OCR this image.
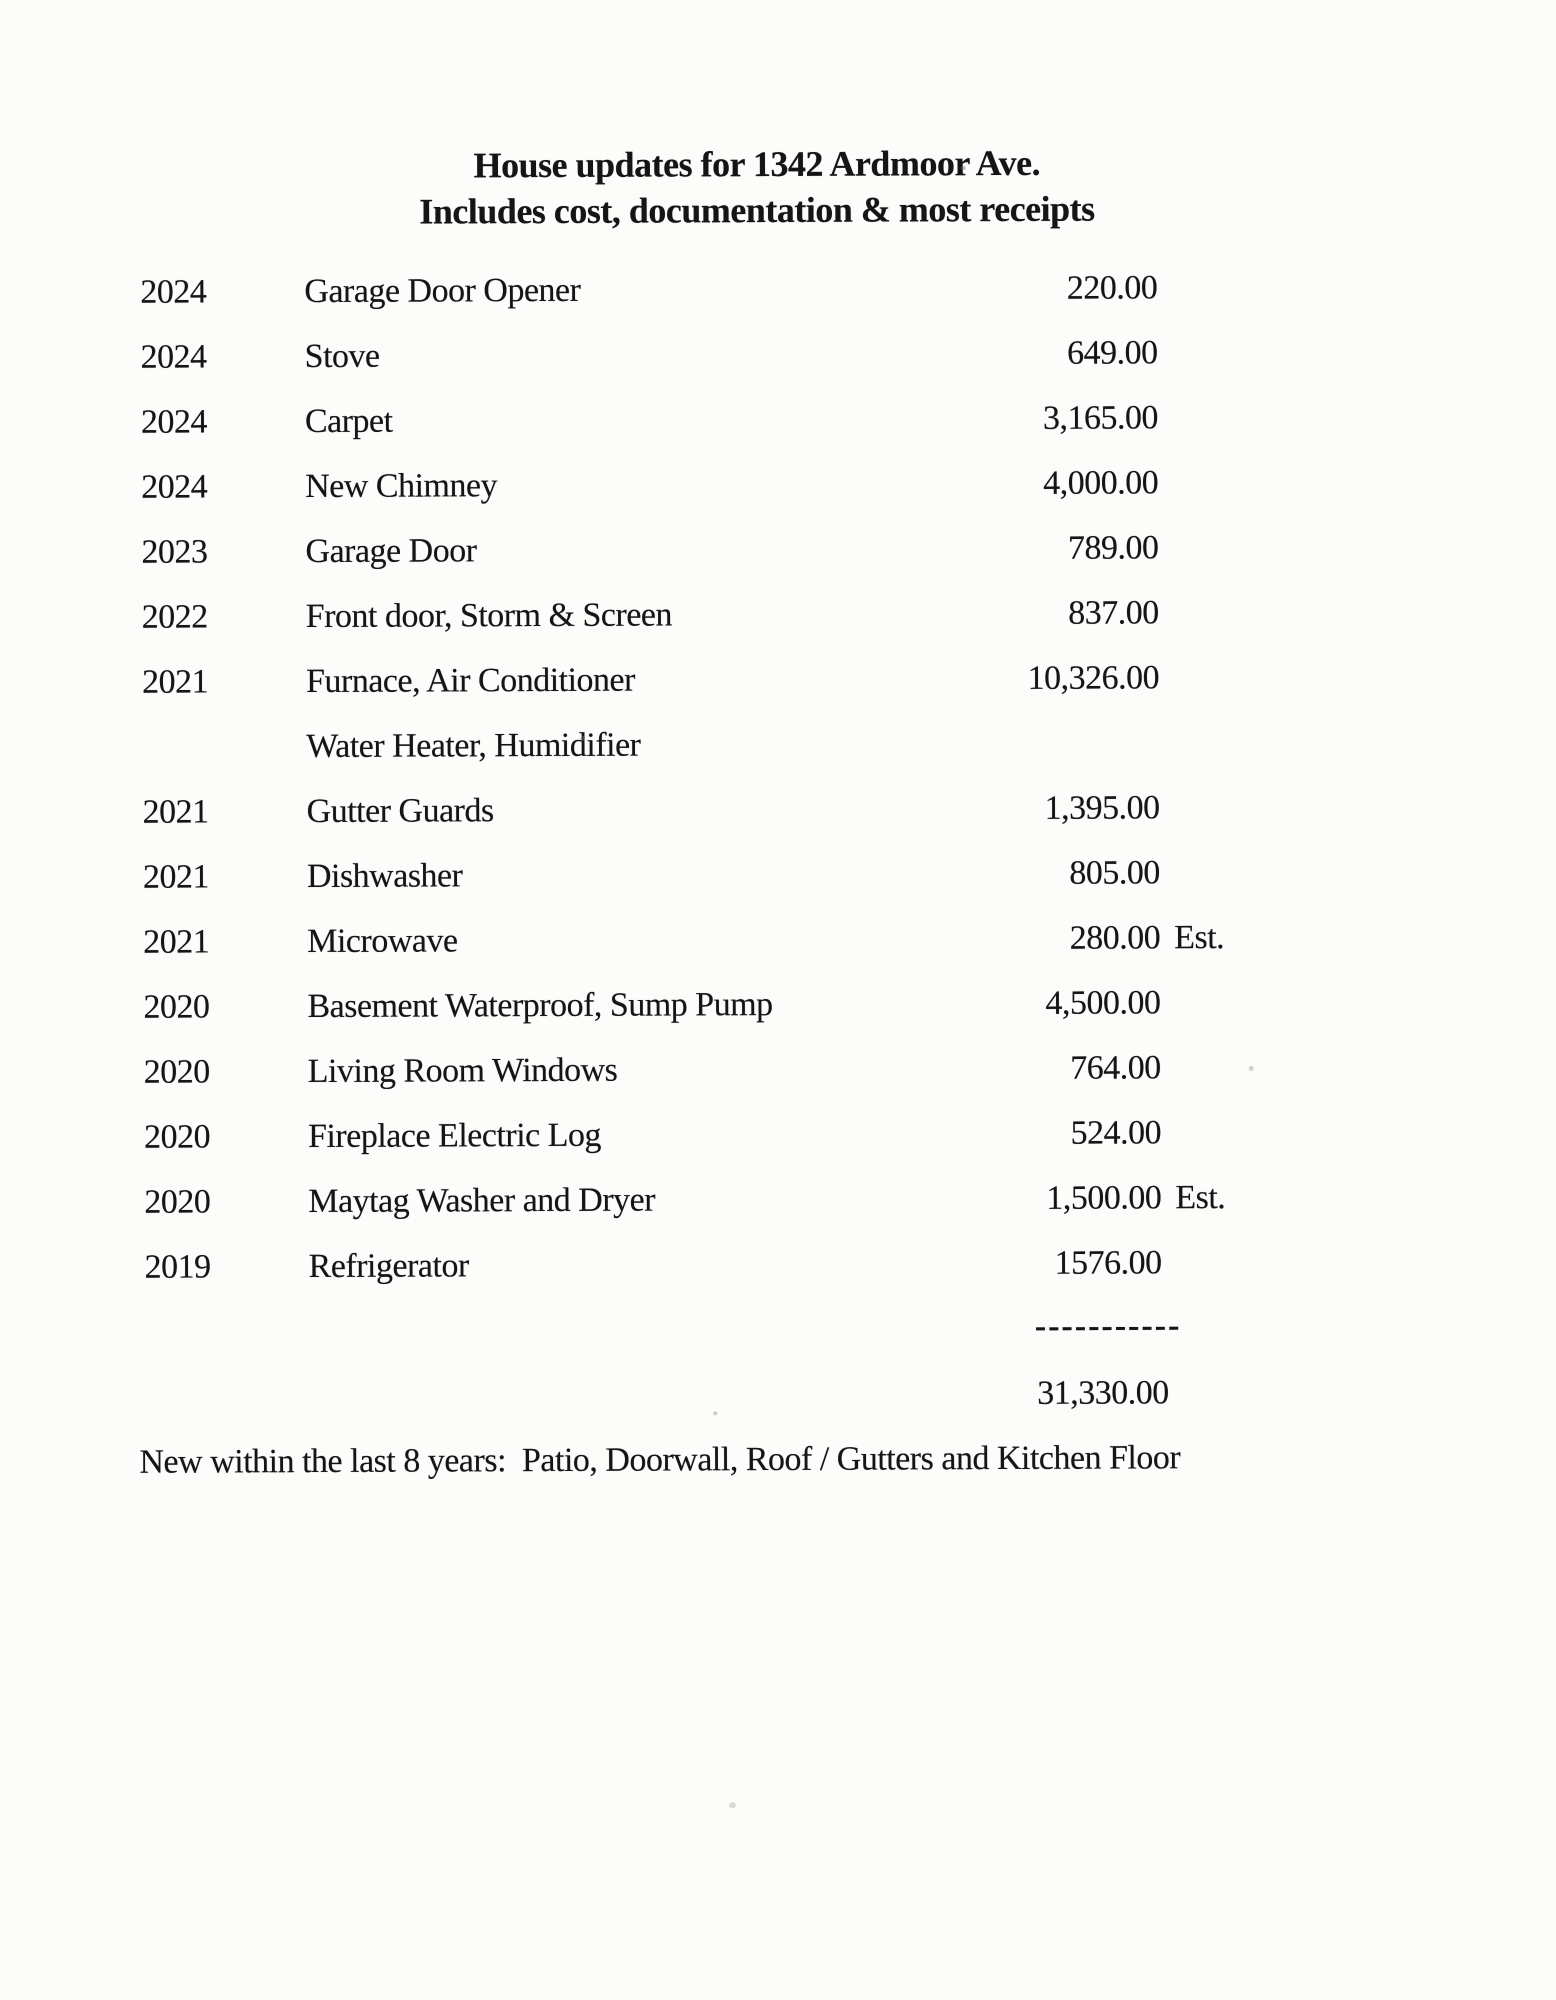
House updates for 1342 Ardmoor Ave.
Includes cost, documentation & most receipts
2024	Garage Door Opener	220.00
2024	Stove	649.00
2024	Carpet	3,165.00
2024	New Chimney	4,000.00
2023	Garage Door	789.00
2022	Front door, Storm & Screen	837.00
2021	Furnace, Air Conditioner	10,326.00
Water Heater, Humidifier
2021	Gutter Guards	1,395.00
2021	Dishwasher	805.00
2021	Microwave	280.00 Est.
2020	Basement Waterproof, Sump Pump	4,500.00
2020	Living Room Windows	764.00
2020	Fireplace Electric Log	524.00
2020	Maytag Washer and Dryer	1,500.00 Est.
2019	Refrigerator	1576.00
-----------
31,330.00
New within the last 8 years:  Patio, Doorwall, Roof / Gutters and Kitchen Floor
